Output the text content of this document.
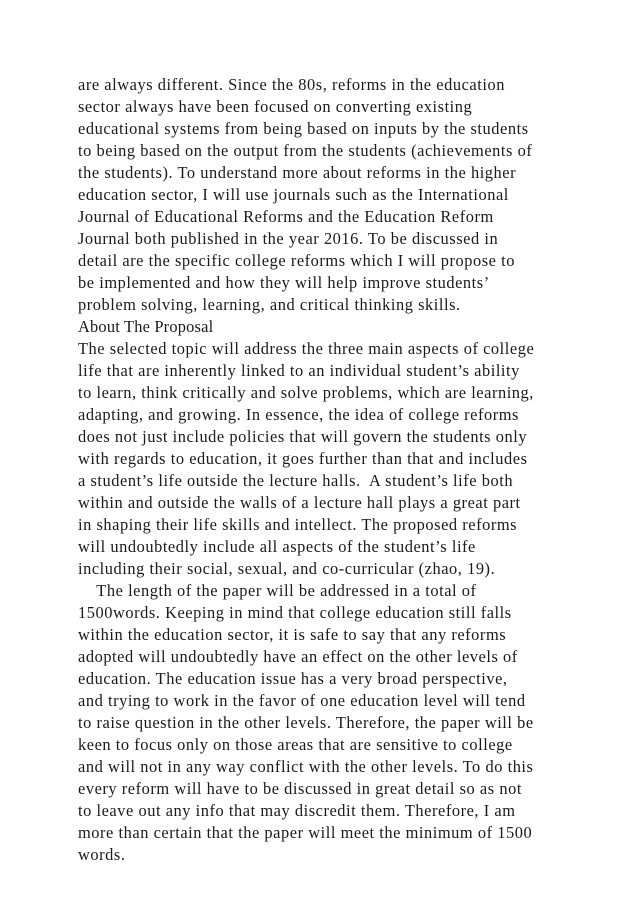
are always different. Since the 80s, reforms in the education
sector always have been focused on converting existing
educational systems from being based on inputs by the students
to being based on the output from the students (achievements of
the students). To understand more about reforms in the higher
education sector, I will use journals such as the International
Journal of Educational Reforms and the Education Reform
Journal both published in the year 2016. To be discussed in
detail are the specific college reforms which I will propose to
be implemented and how they will help improve students’
problem solving, learning, and critical thinking skills.
About The Proposal
The selected topic will address the three main aspects of college
life that are inherently linked to an individual student’s ability
to learn, think critically and solve problems, which are learning,
adapting, and growing. In essence, the idea of college reforms
does not just include policies that will govern the students only
with regards to education, it goes further than that and includes
a student’s life outside the lecture halls.  A student’s life both
within and outside the walls of a lecture hall plays a great part
in shaping their life skills and intellect. The proposed reforms
will undoubtedly include all aspects of the student’s life
including their social, sexual, and co-curricular (zhao, 19).
The length of the paper will be addressed in a total of
1500words. Keeping in mind that college education still falls
within the education sector, it is safe to say that any reforms
adopted will undoubtedly have an effect on the other levels of
education. The education issue has a very broad perspective,
and trying to work in the favor of one education level will tend
to raise question in the other levels. Therefore, the paper will be
keen to focus only on those areas that are sensitive to college
and will not in any way conflict with the other levels. To do this
every reform will have to be discussed in great detail so as not
to leave out any info that may discredit them. Therefore, I am
more than certain that the paper will meet the minimum of 1500
words.
